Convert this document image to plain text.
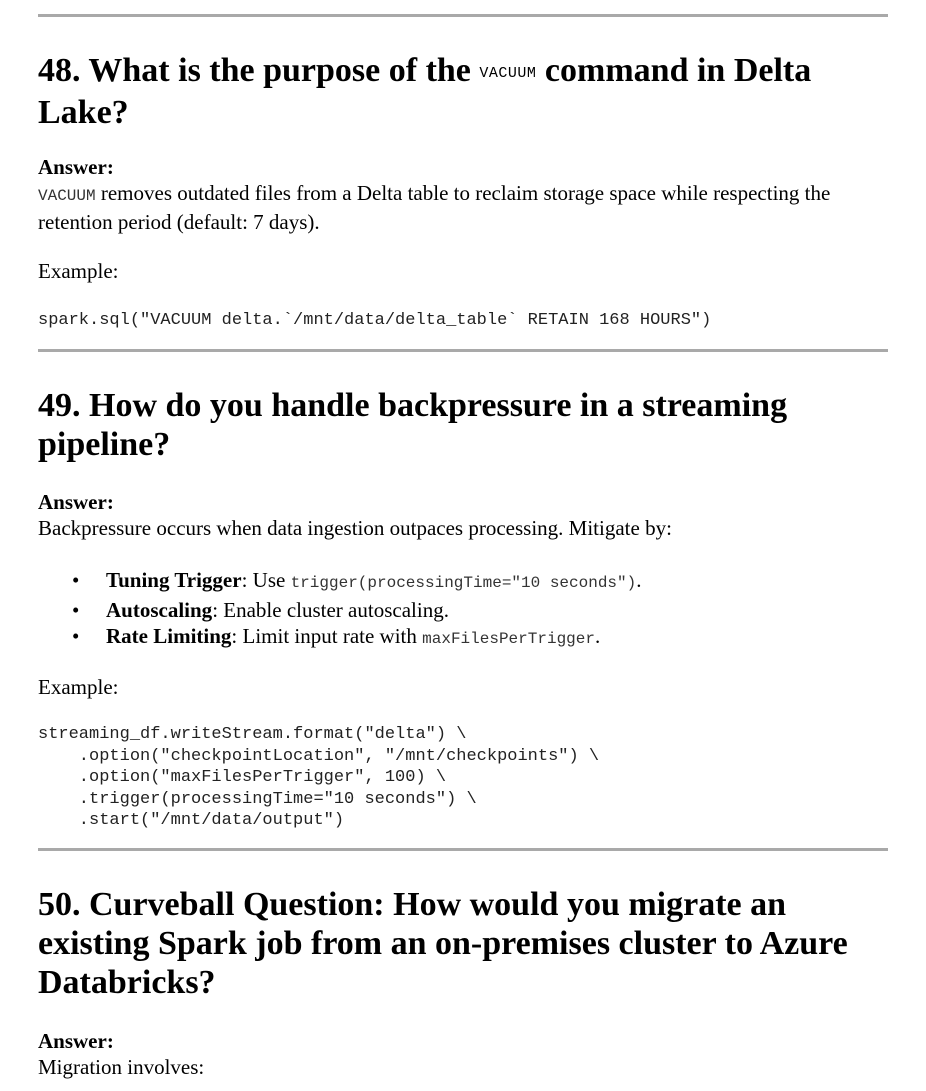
48. What is the purpose of the VACUUM command in Delta Lake?

Answer:

VACUUM removes outdated files from a Delta table to reclaim storage space while respecting the retention period (default: 7 days).

Example:

spark.sql("VACUUM delta.`/mnt/data/delta_table` RETAIN 168 HOURS")
49. How do you handle backpressure in a streaming pipeline?

Answer:

Backpressure occurs when data ingestion outpaces processing. Mitigate by:

• Tuning Trigger: Use trigger(processingTime="10 seconds").
• Autoscaling: Enable cluster autoscaling.
• Rate Limiting: Limit input rate with maxFilesPerTrigger.

Example:

streaming_df.writeStream.format("delta") \
.option("checkpointLocation", "/mnt/checkpoints") \
.option("maxFilesPerTrigger", 100) \
.trigger(processingTime="10 seconds") \
.start("/mnt/data/output")
50. Curveball Question: How would you migrate an existing Spark job from an on-premises cluster to Azure Databricks?

Answer:

Migration involves:
